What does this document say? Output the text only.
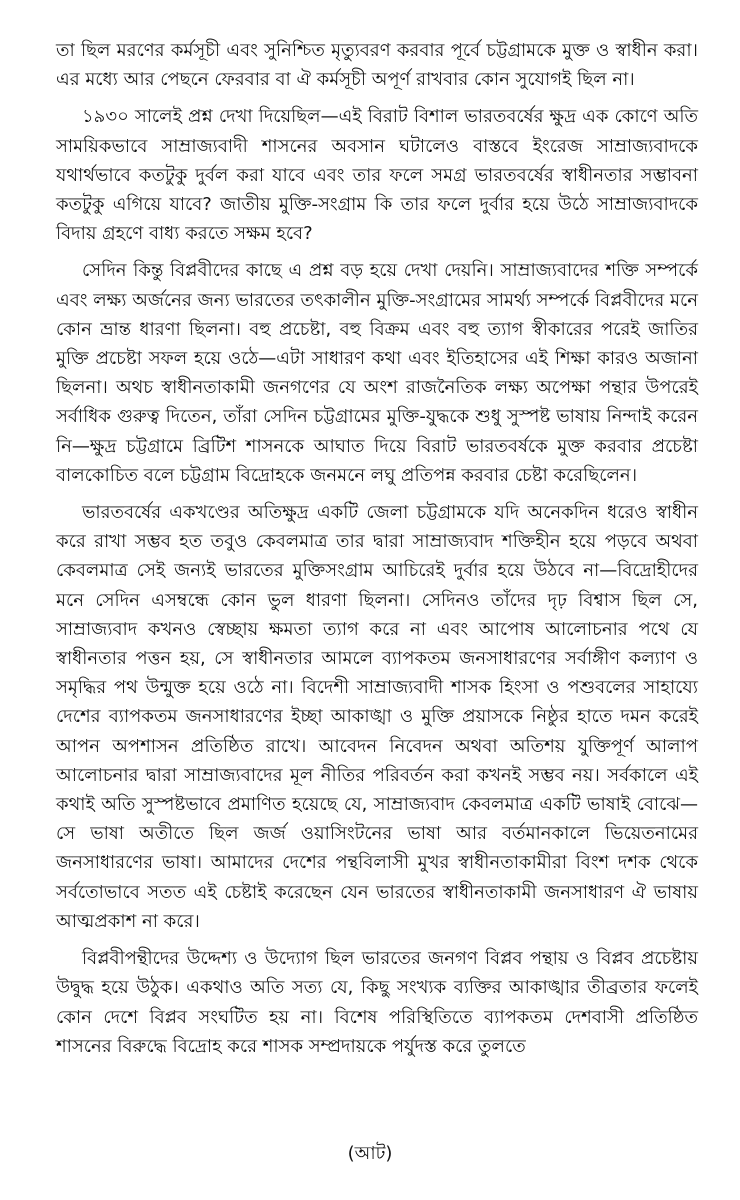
তা ছিল মরণের কর্মসূচী এবং সুনিশ্চিত মৃত্যুবরণ করবার পূর্বে চট্টগ্রামকে মুক্ত ও স্বাধীন করা। এর মধ্যে আর পেছনে ফেরবার বা ঐ কর্মসূচী অপূর্ণ রাখবার কোন সুযোগই ছিল না।

১৯৩০ সালেই প্রশ্ন দেখা দিয়েছিল—এই বিরাট বিশাল ভারতবর্ষের ক্ষুদ্র এক কোণে অতি সাময়িকভাবে সাম্রাজ্যবাদী শাসনের অবসান ঘটালেও বাস্তবে ইংরেজ সাম্রাজ্যবাদকে যথার্থভাবে কতটুকু দুর্বল করা যাবে এবং তার ফলে সমগ্র ভারতবর্ষের স্বাধীনতার সম্ভাবনা কতটুকু এগিয়ে যাবে? জাতীয় মুক্তি-সংগ্রাম কি তার ফলে দুর্বার হয়ে উঠে সাম্রাজ্যবাদকে বিদায় গ্রহণে বাধ্য করতে সক্ষম হবে?

সেদিন কিন্তু বিপ্লবীদের কাছে এ প্রশ্ন বড় হয়ে দেখা দেয়নি। সাম্রাজ্যবাদের শক্তি সম্পর্কে এবং লক্ষ্য অর্জনের জন্য ভারতের তৎকালীন মুক্তি-সংগ্রামের সামর্থ্য সম্পর্কে বিপ্লবীদের মনে কোন ভ্রান্ত ধারণা ছিলনা। বহু প্রচেষ্টা, বহু বিক্রম এবং বহু ত্যাগ স্বীকারের পরেই জাতির মুক্তি প্রচেষ্টা সফল হয়ে ওঠে—এটা সাধারণ কথা এবং ইতিহাসের এই শিক্ষা কারও অজানা ছিলনা। অথচ স্বাধীনতাকামী জনগণের যে অংশ রাজনৈতিক লক্ষ্য অপেক্ষা পন্থার উপরেই সর্বাধিক গুরুত্ব দিতেন, তাঁরা সেদিন চট্টগ্রামের মুক্তি-যুদ্ধকে শুধু সুস্পষ্ট ভাষায় নিন্দাই করেন নি—ক্ষুদ্র চট্টগ্রামে ব্রিটিশ শাসনকে আঘাত দিয়ে বিরাট ভারতবর্ষকে মুক্ত করবার প্রচেষ্টা বালকোচিত বলে চট্টগ্রাম বিদ্রোহকে জনমনে লঘু প্রতিপন্ন করবার চেষ্টা করেছিলেন।

ভারতবর্ষের একখণ্ডের অতিক্ষুদ্র একটি জেলা চট্টগ্রামকে যদি অনেকদিন ধরেও স্বাধীন করে রাখা সম্ভব হত তবুও কেবলমাত্র তার দ্বারা সাম্রাজ্যবাদ শক্তিহীন হয়ে পড়বে অথবা কেবলমাত্র সেই জন্যই ভারতের মুক্তিসংগ্রাম আচিরেই দুর্বার হয়ে উঠবে না—বিদ্রোহীদের মনে সেদিন এসম্বন্ধে কোন ভুল ধারণা ছিলনা। সেদিনও তাঁদের দৃঢ় বিশ্বাস ছিল সে, সাম্রাজ্যবাদ কখনও স্বেচ্ছায় ক্ষমতা ত্যাগ করে না এবং আপোষ আলোচনার পথে যে স্বাধীনতার পত্তন হয়, সে স্বাধীনতার আমলে ব্যাপকতম জনসাধারণের সর্বাঙ্গীণ কল্যাণ ও সমৃদ্ধির পথ উন্মুক্ত হয়ে ওঠে না। বিদেশী সাম্রাজ্যবাদী শাসক হিংসা ও পশুবলের সাহায্যে দেশের ব্যাপকতম জনসাধারণের ইচ্ছা আকাঙ্খা ও মুক্তি প্রয়াসকে নিষ্ঠুর হাতে দমন করেই আপন অপশাসন প্রতিষ্ঠিত রাখে। আবেদন নিবেদন অথবা অতিশয় যুক্তিপূর্ণ আলাপ আলোচনার দ্বারা সাম্রাজ্যবাদের মূল নীতির পরিবর্তন করা কখনই সম্ভব নয়। সর্বকালে এই কথাই অতি সুস্পষ্টভাবে প্রমাণিত হয়েছে যে, সাম্রাজ্যবাদ কেবলমাত্র একটি ভাষাই বোঝে—সে ভাষা অতীতে ছিল জর্জ ওয়াসিংটনের ভাষা আর বর্তমানকালে ভিয়েতনামের জনসাধারণের ভাষা। আমাদের দেশের পন্থবিলাসী মুখর স্বাধীনতাকামীরা বিংশ দশক থেকে সর্বতোভাবে সতত এই চেষ্টাই করেছেন যেন ভারতের স্বাধীনতাকামী জনসাধারণ ঐ ভাষায় আত্মপ্রকাশ না করে।

বিপ্লবীপন্থীদের উদ্দেশ্য ও উদ্যোগ ছিল ভারতের জনগণ বিপ্লব পন্থায় ও বিপ্লব প্রচেষ্টায় উদ্বুদ্ধ হয়ে উঠুক। একথাও অতি সত্য যে, কিছু সংখ্যক ব্যক্তির আকাঙ্খার তীব্রতার ফলেই কোন দেশে বিপ্লব সংঘটিত হয় না। বিশেষ পরিস্থিতিতে ব্যাপকতম দেশবাসী প্রতিষ্ঠিত শাসনের বিরুদ্ধে বিদ্রোহ করে শাসক সম্প্রদায়কে পর্যুদস্ত করে তুলতে

(আট)
